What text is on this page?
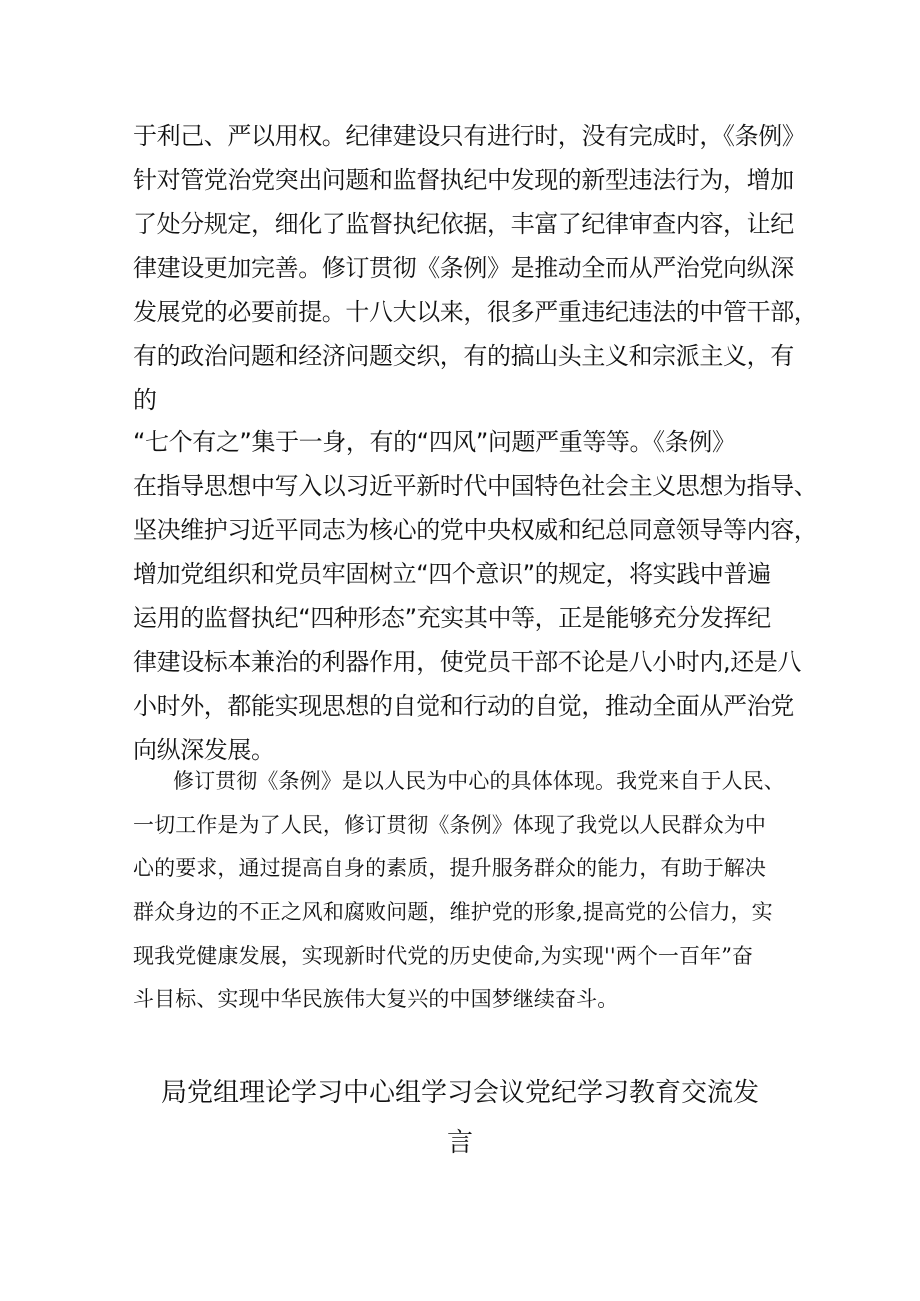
于利己、严以用权。纪律建设只有进行时，没有完成时，《条例》
针对管党治党突出问题和监督执纪中发现的新型违法行为，增加
了处分规定，细化了监督执纪依据，丰富了纪律审查内容，让纪
律建设更加完善。修订贯彻《条例》是推动全而从严治党向纵深
发展党的必要前提。十八大以来，很多严重违纪违法的中管干部，
有的政治问题和经济问题交织，有的搞山头主义和宗派主义，有
的
“七个有之”集于一身，有的“四风”问题严重等等。《条例》
在指导思想中写入以习近平新时代中国特色社会主义思想为指导、
坚决维护习近平同志为核心的党中央权威和纪总同意领导等内容，
增加党组织和党员牢固树立“四个意识”的规定，将实践中普遍
运用的监督执纪“四种形态”充实其中等，正是能够充分发挥纪
律建设标本兼治的利器作用，使党员干部不论是八小时内,还是八
小时外，都能实现思想的自觉和行动的自觉，推动全面从严治党
向纵深发展。
修订贯彻《条例》是以人民为中心的具体体现。我党来自于人民、
一切工作是为了人民，修订贯彻《条例》体现了我党以人民群众为中
心的要求，通过提高自身的素质，提升服务群众的能力，有助于解决
群众身边的不正之风和腐败问题，维护党的形象,提高党的公信力，实
现我党健康发展，实现新时代党的历史使命,为实现''两个一百年”奋
斗目标、实现中华民族伟大复兴的中国梦继续奋斗。
局党组理论学习中心组学习会议党纪学习教育交流发
言
